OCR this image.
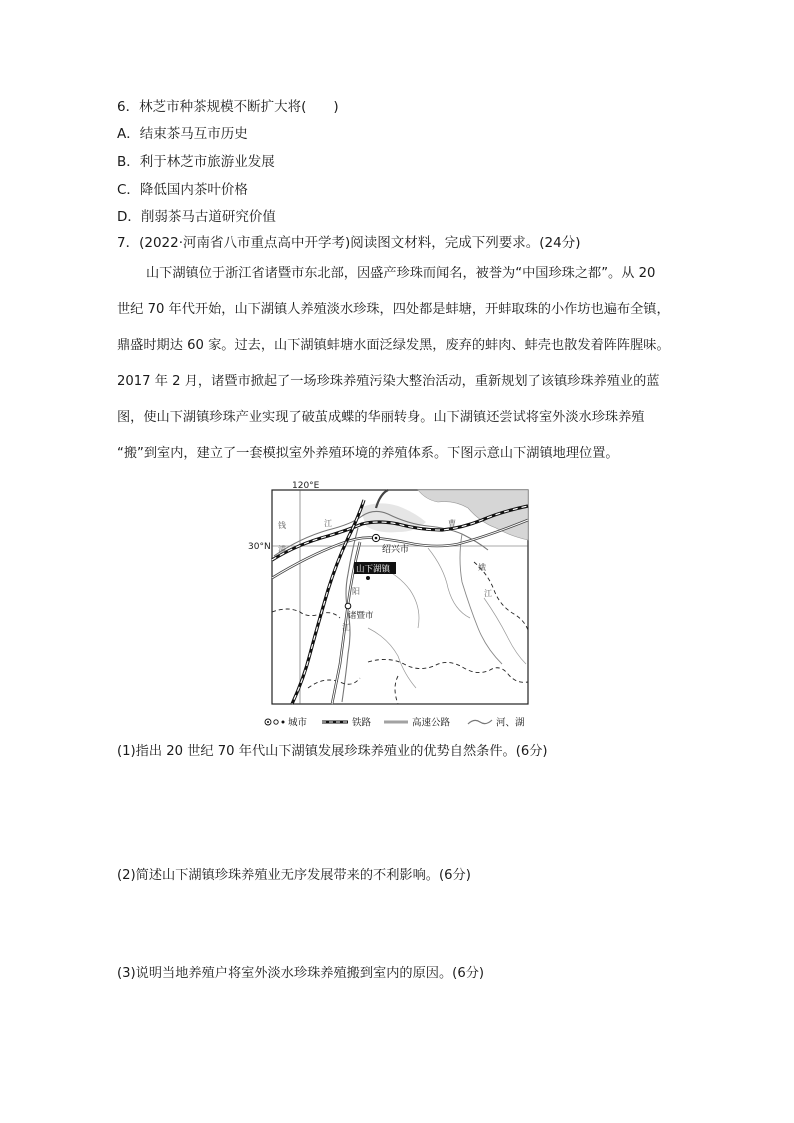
6．林芝市种茶规模不断扩大将(　　)
A．结束茶马互市历史
B．利于林芝市旅游业发展
C．降低国内茶叶价格
D．削弱茶马古道研究价值
7．(2022·河南省八市重点高中开学考)阅读图文材料，完成下列要求。(24分)
山下湖镇位于浙江省诸暨市东北部，因盛产珍珠而闻名，被誉为“中国珍珠之都”。从 20
世纪 70 年代开始，山下湖镇人养殖淡水珍珠，四处都是蚌塘，开蚌取珠的小作坊也遍布全镇，
鼎盛时期达 60 家。过去，山下湖镇蚌塘水面泛绿发黑，废弃的蚌肉、蚌壳也散发着阵阵腥味。
2017 年 2 月，诸暨市掀起了一场珍珠养殖污染大整治活动，重新规划了该镇珍珠养殖业的蓝
图，使山下湖镇珍珠产业实现了破茧成蝶的华丽转身。山下湖镇还尝试将室外淡水珍珠养殖
“搬”到室内，建立了一套模拟室外养殖环境的养殖体系。下图示意山下湖镇地理位置。
120°E
30°N	绍兴市
山下湖镇
诸暨市
钱	江	曹
娥
江
浦
阳
江
城市	铁路	高速公路	河、湖
(1)指出 20 世纪 70 年代山下湖镇发展珍珠养殖业的优势自然条件。(6分)
(2)简述山下湖镇珍珠养殖业无序发展带来的不利影响。(6分)
(3)说明当地养殖户将室外淡水珍珠养殖搬到室内的原因。(6分)
